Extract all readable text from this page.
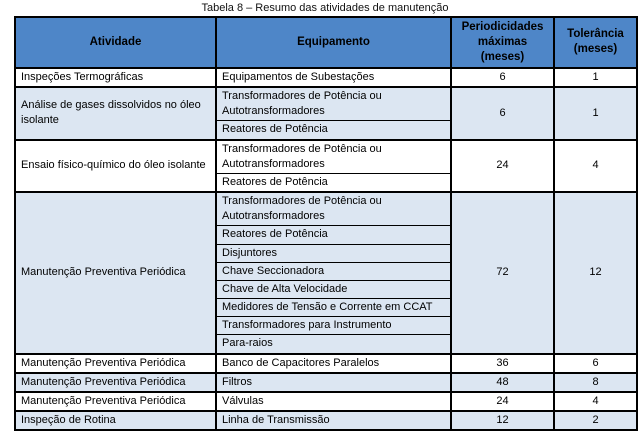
Tabela 8 – Resumo das atividades de manutenção
Atividade	Equipamento	Periodicidades máximas (meses)	Tolerância (meses)
Inspeções Termográficas	Equipamentos de Subestações	6	1
Análise de gases dissolvidos no óleo isolante	Transformadores de Potência ou Autotransformadores	6	1
	Reatores de Potência		
Ensaio físico-químico do óleo isolante	Transformadores de Potência ou Autotransformadores	24	4
	Reatores de Potência		
Manutenção Preventiva Periódica	Transformadores de Potência ou Autotransformadores	72	12
	Reatores de Potência		
	Disjuntores		
	Chave Seccionadora		
	Chave de Alta Velocidade		
	Medidores de Tensão e Corrente em CCAT		
	Transformadores para Instrumento		
	Para-raios		
Manutenção Preventiva Periódica	Banco de Capacitores Paralelos	36	6
Manutenção Preventiva Periódica	Filtros	48	8
Manutenção Preventiva Periódica	Válvulas	24	4
Inspeção de Rotina	Linha de Transmissão	12	2
